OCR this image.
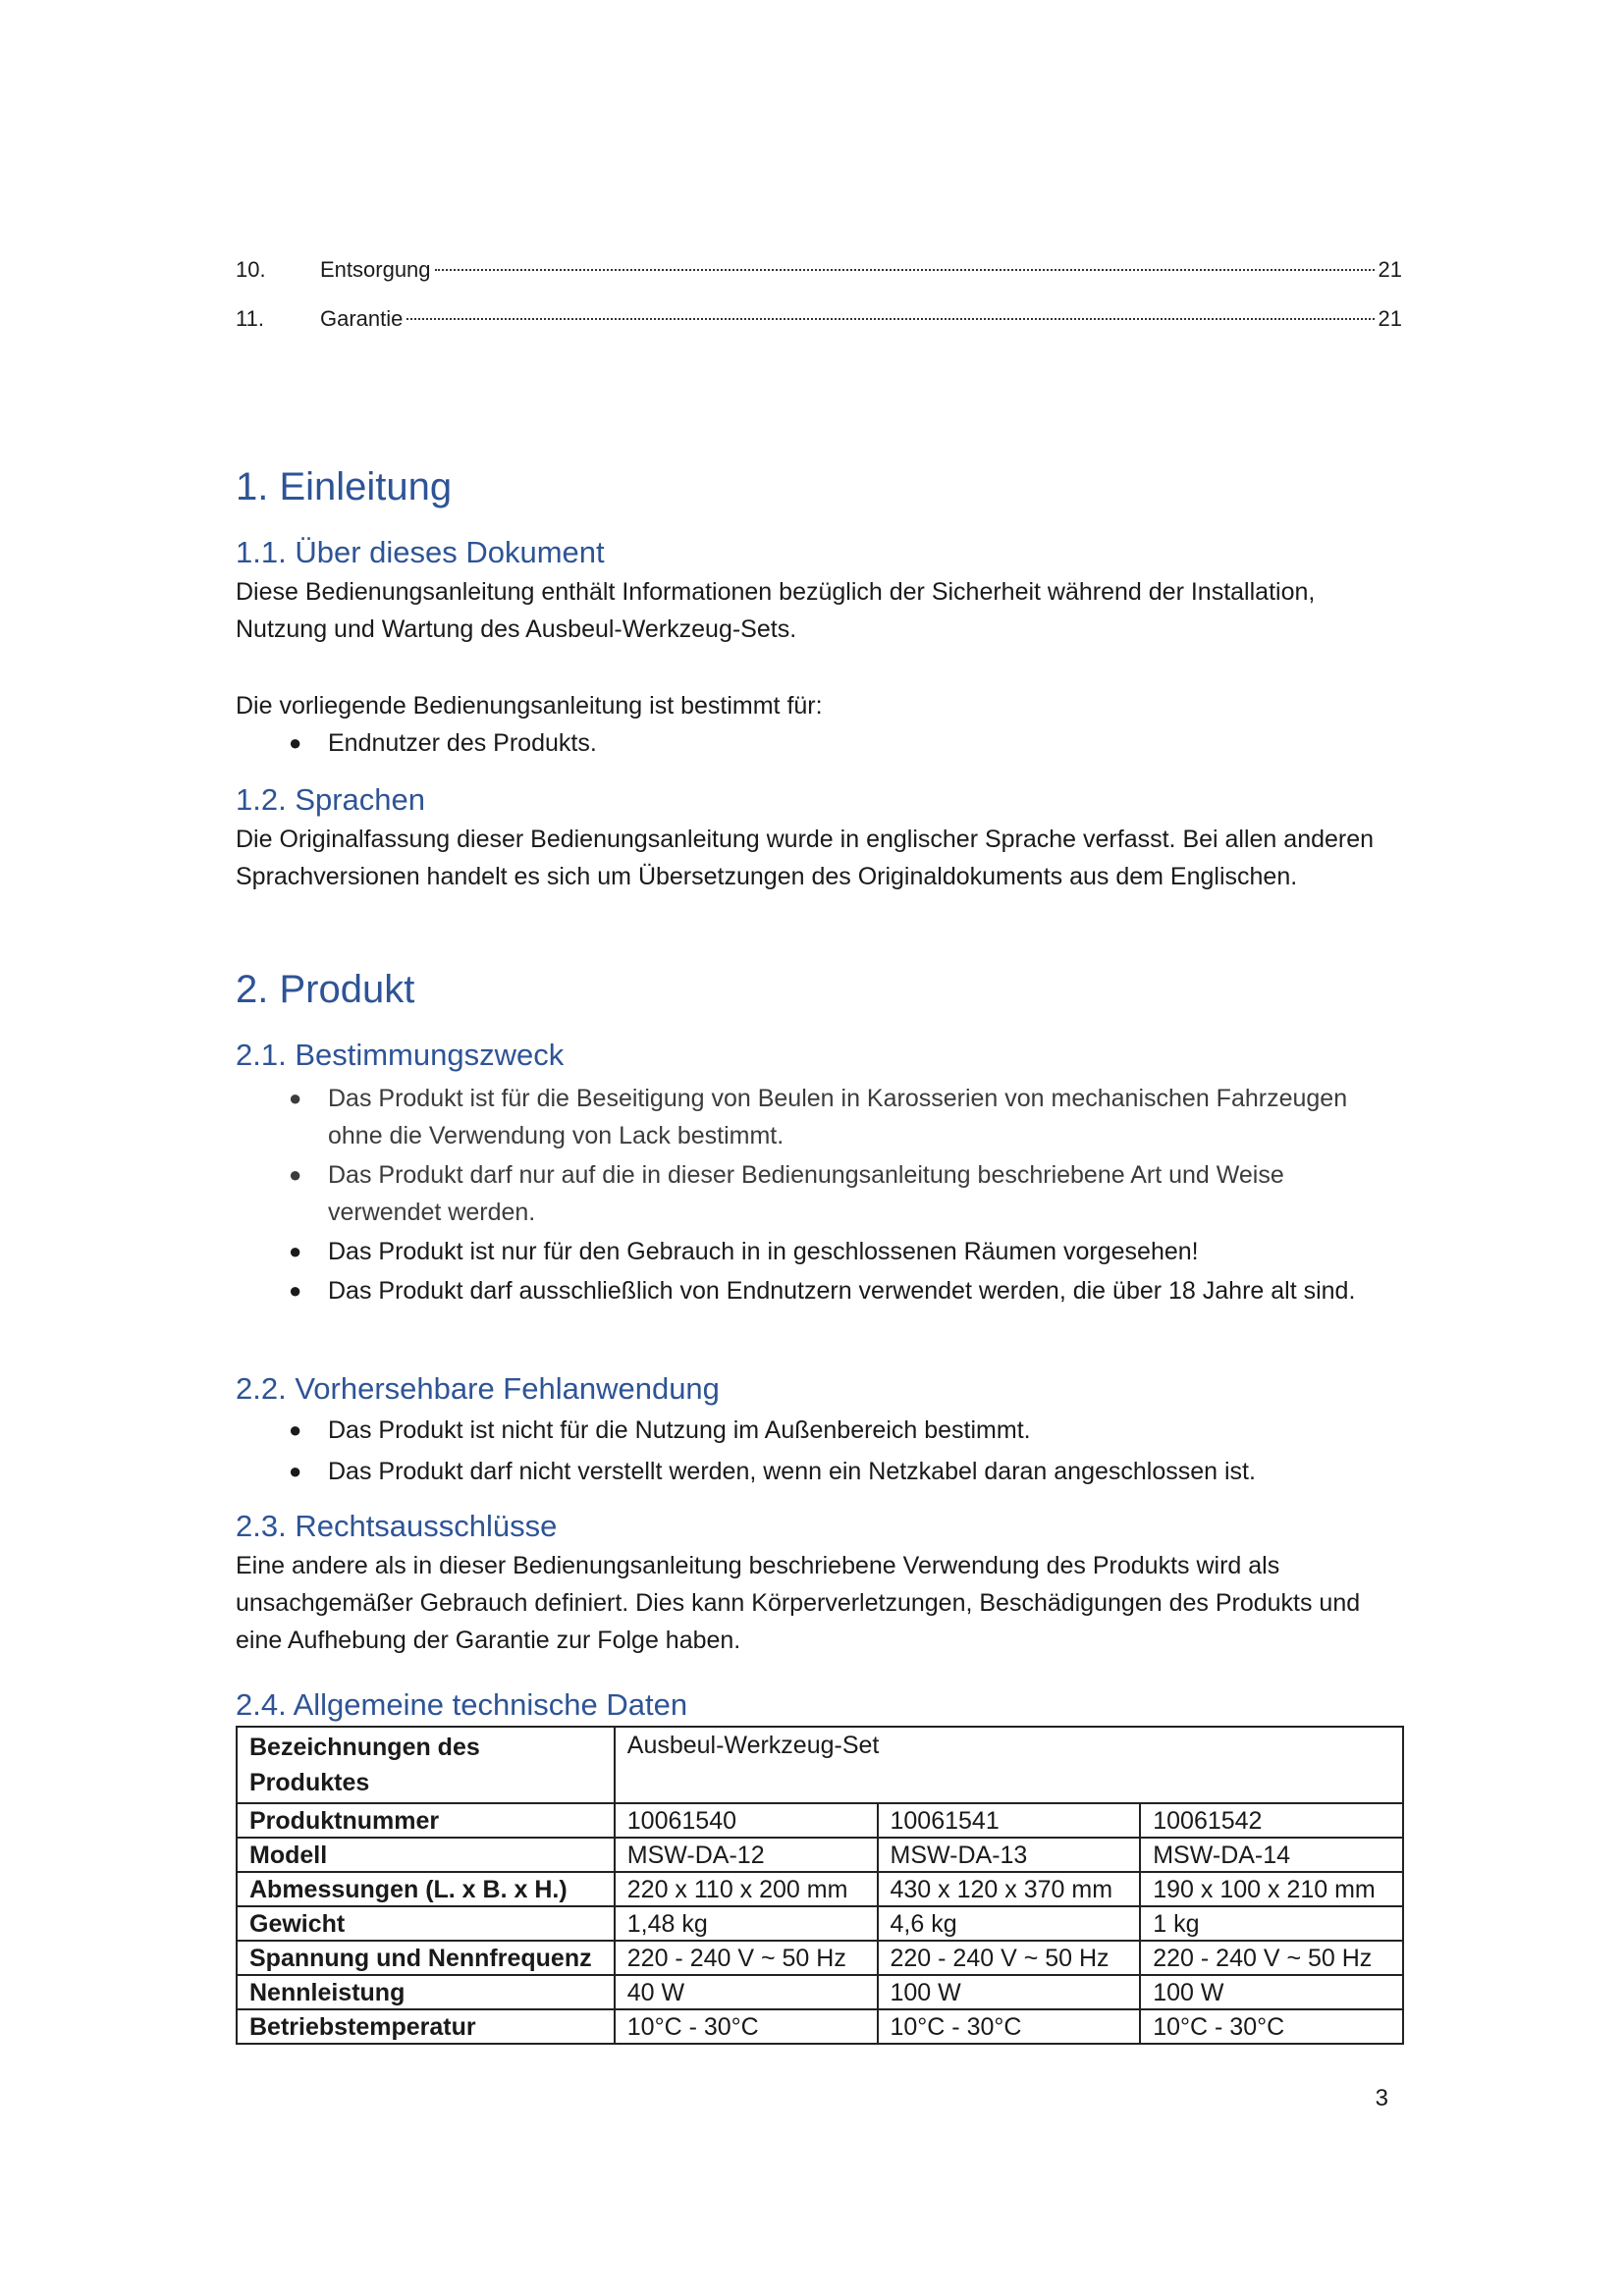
10.	Entsorgung	21
11.	Garantie	21
1. Einleitung
1.1. Über dieses Dokument

Diese Bedienungsanleitung enthält Informationen bezüglich der Sicherheit während der Installation, Nutzung und Wartung des Ausbeul-Werkzeug-Sets.

Die vorliegende Bedienungsanleitung ist bestimmt für:

● Endnutzer des Produkts.
1.2. Sprachen

Die Originalfassung dieser Bedienungsanleitung wurde in englischer Sprache verfasst. Bei allen anderen Sprachversionen handelt es sich um Übersetzungen des Originaldokuments aus dem Englischen.

2. Produkt
2.1. Bestimmungszweck
● Das Produkt ist für die Beseitigung von Beulen in Karosserien von mechanischen Fahrzeugen ohne die Verwendung von Lack bestimmt.
● Das Produkt darf nur auf die in dieser Bedienungsanleitung beschriebene Art und Weise verwendet werden.
● Das Produkt ist nur für den Gebrauch in in geschlossenen Räumen vorgesehen!
● Das Produkt darf ausschließlich von Endnutzern verwendet werden, die über 18 Jahre alt sind.
2.2. Vorhersehbare Fehlanwendung
● Das Produkt ist nicht für die Nutzung im Außenbereich bestimmt.
● Das Produkt darf nicht verstellt werden, wenn ein Netzkabel daran angeschlossen ist.
2.3. Rechtsausschlüsse

Eine andere als in dieser Bedienungsanleitung beschriebene Verwendung des Produkts wird als unsachgemäßer Gebrauch definiert. Dies kann Körperverletzungen, Beschädigungen des Produkts und eine Aufhebung der Garantie zur Folge haben.

2.4. Allgemeine technische Daten
Bezeichnungen des Produktes	Ausbeul-Werkzeug-Set		
Produktnummer	10061540	10061541	10061542
Modell	MSW-DA-12	MSW-DA-13	MSW-DA-14
Abmessungen (L. x B. x H.)	220 x 110 x 200 mm	430 x 120 x 370 mm	190 x 100 x 210 mm
Gewicht	1,48 kg	4,6 kg	1 kg
Spannung und Nennfrequenz	220 - 240 V ~ 50 Hz	220 - 240 V ~ 50 Hz	220 - 240 V ~ 50 Hz
Nennleistung	40 W	100 W	100 W
Betriebstemperatur	10°C - 30°C	10°C - 30°C	10°C - 30°C
3
